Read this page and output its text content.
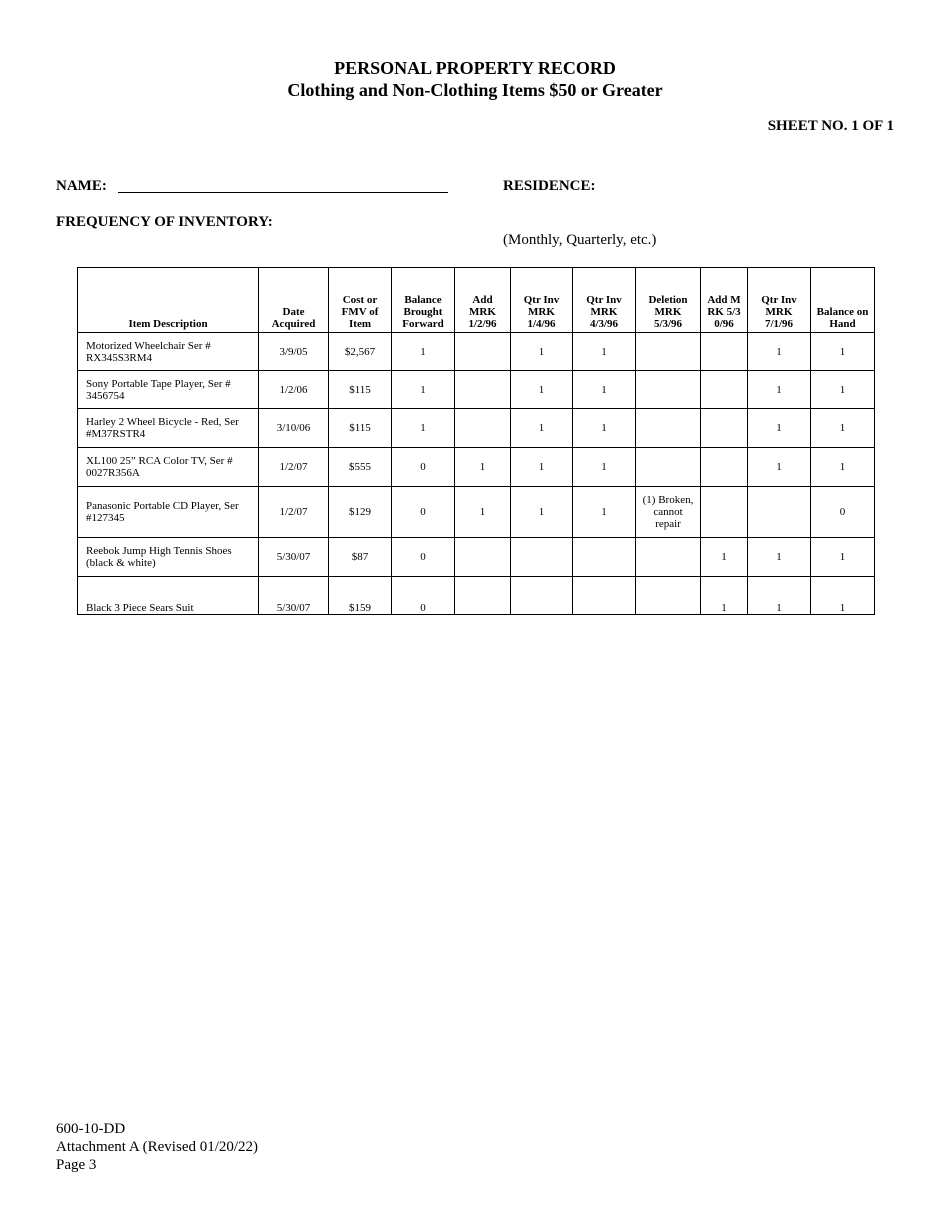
PERSONAL PROPERTY RECORD
Clothing and Non-Clothing Items $50 or Greater
SHEET NO. 1 OF 1
NAME:	RESIDENCE:
FREQUENCY OF INVENTORY:
(Monthly, Quarterly, etc.)
Item Description	Date Acquired	Cost or FMV of Item	Balance Brought Forward	Add MRK 1/2/96	Qtr Inv MRK 1/4/96	Qtr Inv MRK 4/3/96	Deletion MRK 5/3/96	Add MRK 5/30/96	Qtr Inv MRK 7/1/96	Balance on Hand
Motorized Wheelchair Ser # RX345S3RM4	3/9/05	$2,567	1		1	1			1	1
Sony Portable Tape Player, Ser # 3456754	1/2/06	$115	1		1	1			1	1
Harley 2 Wheel Bicycle - Red, Ser #M37RSTR4	3/10/06	$115	1		1	1			1	1
XL100 25” RCA Color TV, Ser # 0027R356A	1/2/07	$555	0	1	1	1			1	1
Panasonic Portable CD Player, Ser #127345	1/2/07	$129	0	1	1	1	(1) Broken, cannot repair			0
Reebok Jump High Tennis Shoes (black & white)	5/30/07	$87	0					1	1	1
Black 3 Piece Sears Suit	5/30/07	$159	0					1	1	1
600-10-DD
Attachment A (Revised 01/20/22)
Page 3
